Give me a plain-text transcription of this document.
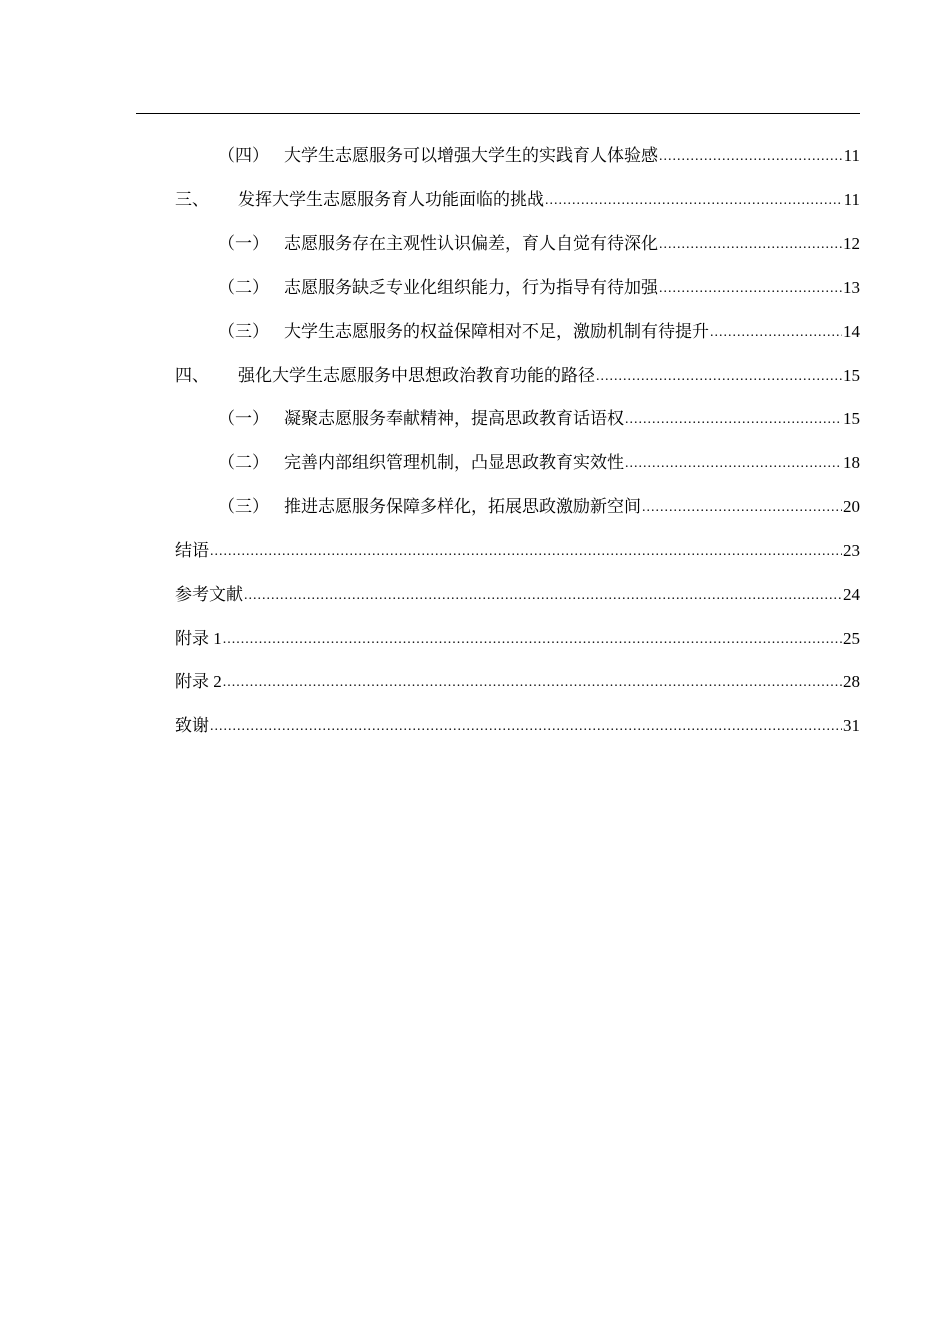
（四） 大学生志愿服务可以增强大学生的实践育人体验感 .....	11
三、	发挥大学生志愿服务育人功能面临的挑战 .....	11
（一） 志愿服务存在主观性认识偏差，育人自觉有待深化 .....	12
（二） 志愿服务缺乏专业化组织能力，行为指导有待加强 .....	13
（三） 大学生志愿服务的权益保障相对不足，激励机制有待提升 .....	14
四、	强化大学生志愿服务中思想政治教育功能的路径 .....	15
（一） 凝聚志愿服务奉献精神，提高思政教育话语权 .....	15
（二） 完善内部组织管理机制，凸显思政教育实效性 .....	18
（三） 推进志愿服务保障多样化，拓展思政激励新空间 .....	20
结语 .....	23
参考文献 .....	24
附录 1 .....	25
附录 2 .....	28
致谢 .....	31
